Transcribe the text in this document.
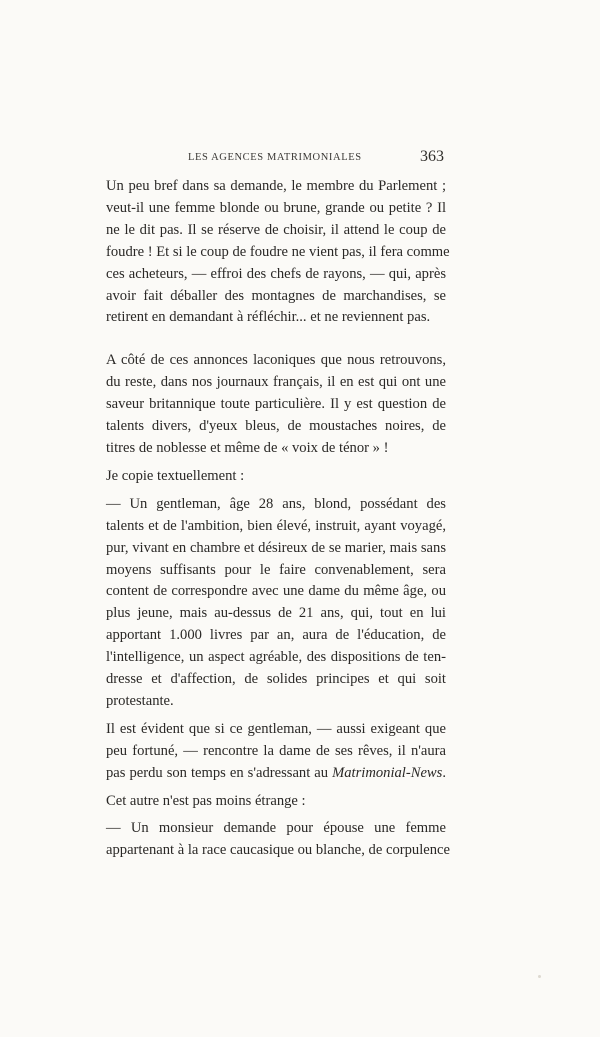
LES AGENCES MATRIMONIALES	363

Un peu bref dans sa demande, le membre du Parlement ;
veut-il une femme blonde ou brune, grande ou petite ? Il
ne le dit pas. Il se réserve de choisir, il attend le coup de
foudre ! Et si le coup de foudre ne vient pas, il fera comme
ces acheteurs, — effroi des chefs de rayons, — qui, après
avoir fait déballer des montagnes de marchandises, se
retirent en demandant à réfléchir... et ne reviennent pas.

A côté de ces annonces laconiques que nous retrouvons,
du reste, dans nos journaux français, il en est qui ont une
saveur britannique toute particulière. Il y est question de
talents divers, d'yeux bleus, de moustaches noires, de
titres de noblesse et même de « voix de ténor » !

Je copie textuellement :

— Un gentleman, âge 28 ans, blond, possédant des
talents et de l'ambition, bien élevé, instruit, ayant voyagé,
pur, vivant en chambre et désireux de se marier, mais sans
moyens suffisants pour le faire convenablement, sera
content de correspondre avec une dame du même âge, ou
plus jeune, mais au-dessus de 21 ans, qui, tout en lui
apportant 1.000 livres par an, aura de l'éducation, de
l'intelligence, un aspect agréable, des dispositions de ten-
dresse et d'affection, de solides principes et qui soit
protestante.

Il est évident que si ce gentleman, — aussi exigeant que
peu fortuné, — rencontre la dame de ses rêves, il n'aura
pas perdu son temps en s'adressant au Matrimonial-News.

Cet autre n'est pas moins étrange :

— Un monsieur demande pour épouse une femme
appartenant à la race caucasique ou blanche, de corpulence
